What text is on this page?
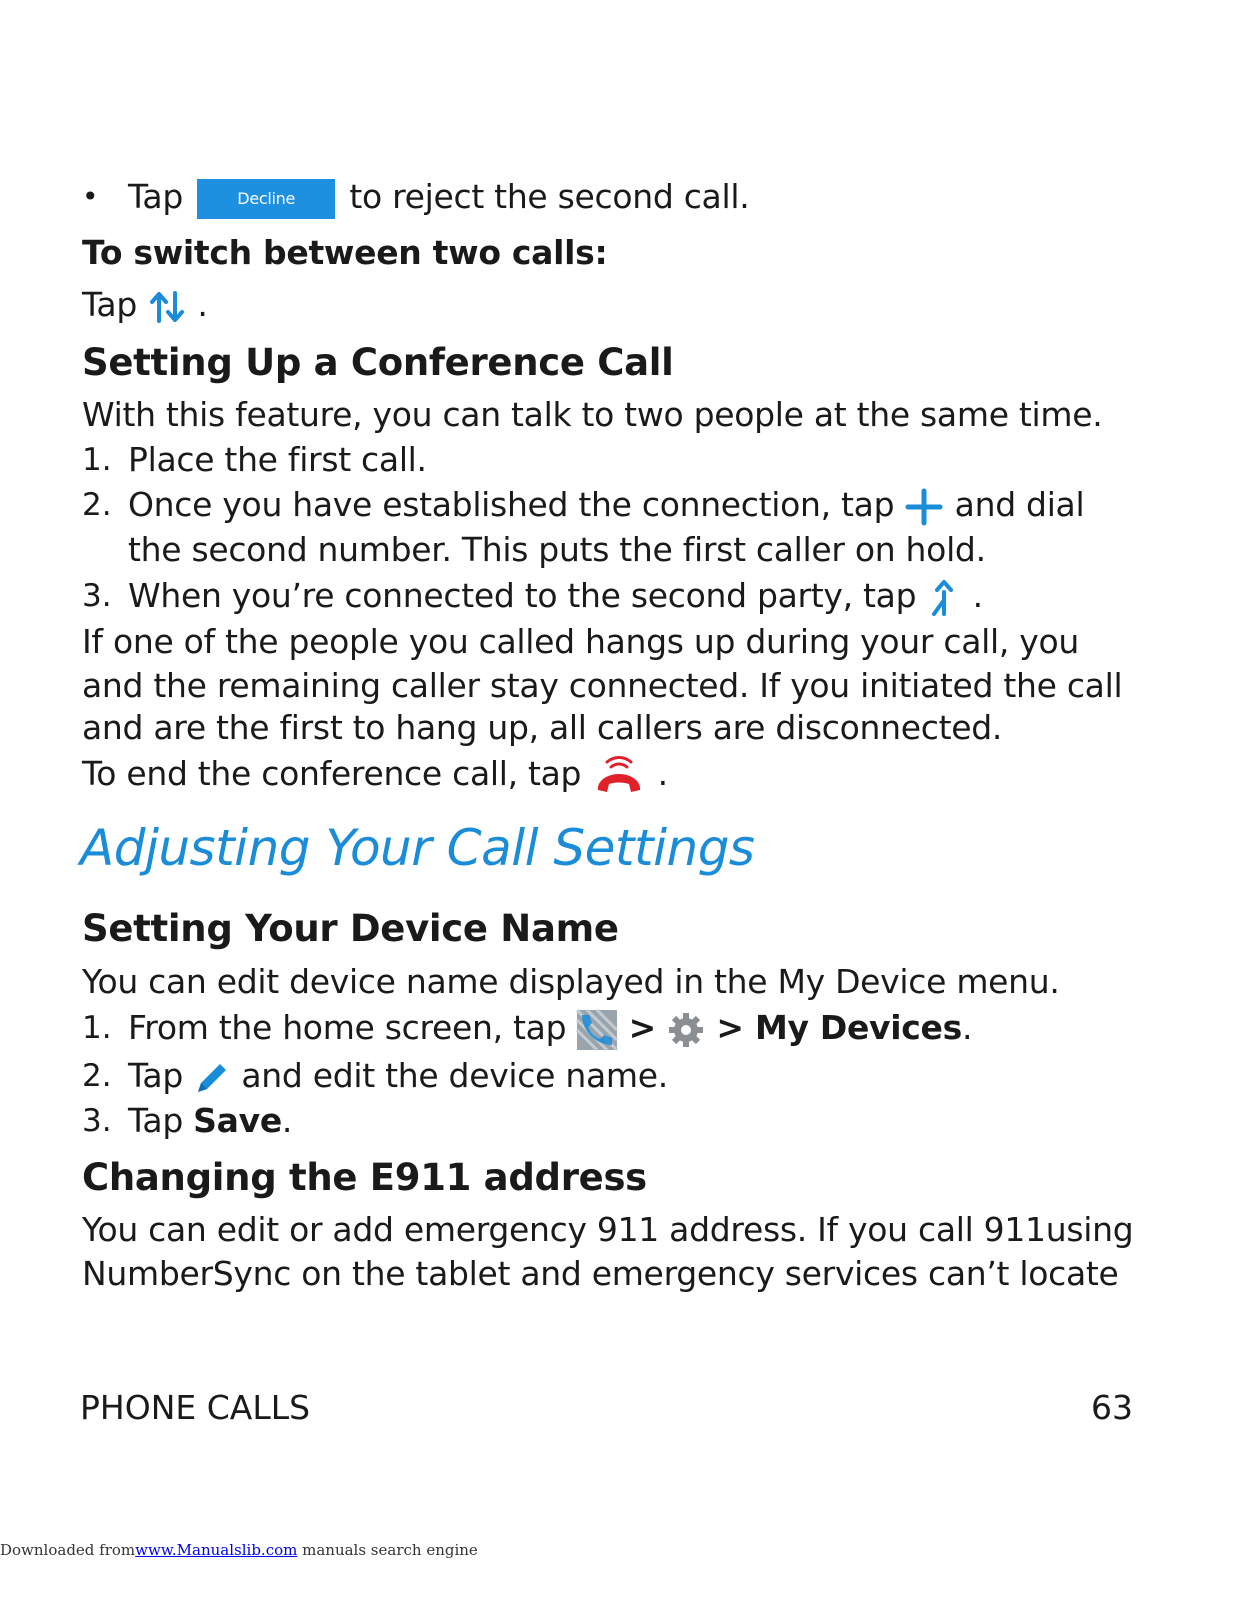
• Tap	Decline to reject the second call.
To switch between two calls:
Tap .
Setting Up a Conference Call
With this feature, you can talk to two people at the same time.
1. Place the first call.
2. Once you have established the connection, tap and dial
the second number. This puts the first caller on hold.
3. When you’re connected to the second party, tap .
If one of the people you called hangs up during your call, you
and the remaining caller stay connected. If you initiated the call
and are the first to hang up, all callers are disconnected.
To end the conference call, tap .
Adjusting Your Call Settings
Setting Your Device Name
You can edit device name displayed in the My Device menu.
1. From the home screen, tap > > My Devices.
2. Tap and edit the device name.
3. Tap Save.
Changing the E911 address
You can edit or add emergency 911 address. If you call 911using
NumberSync on the tablet and emergency services can’t locate
PHONE CALLS	63
Downloaded fromwww.Manualslib.com manuals search engine
